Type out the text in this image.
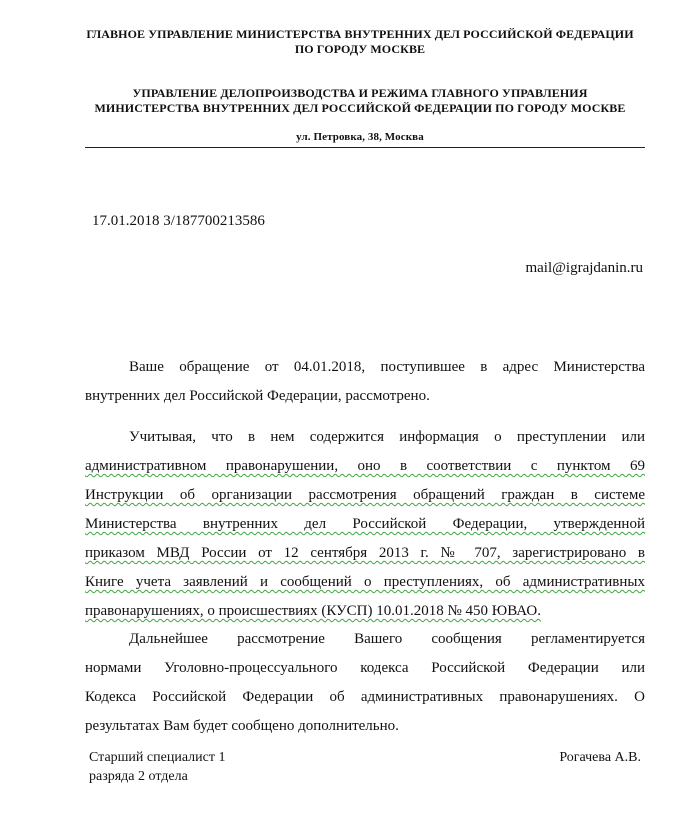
ГЛАВНОЕ УПРАВЛЕНИЕ МИНИСТЕРСТВА ВНУТРЕННИХ ДЕЛ РОССИЙСКОЙ ФЕДЕРАЦИИ
ПО ГОРОДУ МОСКВЕ
УПРАВЛЕНИЕ ДЕЛОПРОИЗВОДСТВА И РЕЖИМА ГЛАВНОГО УПРАВЛЕНИЯ
МИНИСТЕРСТВА ВНУТРЕННИХ ДЕЛ РОССИЙСКОЙ ФЕДЕРАЦИИ ПО ГОРОДУ МОСКВЕ
ул. Петровка, 38, Москва
17.01.2018 3/187700213586
mail@igrajdanin.ru
Ваше обращение от 04.01.2018, поступившее в адрес Министерства
внутренних дел Российской Федерации, рассмотрено.
Учитывая, что в нем содержится информация о преступлении или
административном правонарушении, оно в соответствии с пунктом 69
Инструкции об организации рассмотрения обращений граждан в системе
Министерства внутренних дел Российской Федерации, утвержденной
приказом МВД России от 12 сентября 2013 г. № 707, зарегистрировано в
Книге учета заявлений и сообщений о преступлениях, об административных
правонарушениях, о происшествиях (КУСП) 10.01.2018 № 450 ЮВАО.
Дальнейшее рассмотрение Вашего сообщения регламентируется
нормами Уголовно-процессуального кодекса Российской Федерации или
Кодекса Российской Федерации об административных правонарушениях. О
результатах Вам будет сообщено дополнительно.
Старший специалист 1
разряда 2 отдела
Рогачева А.В.
